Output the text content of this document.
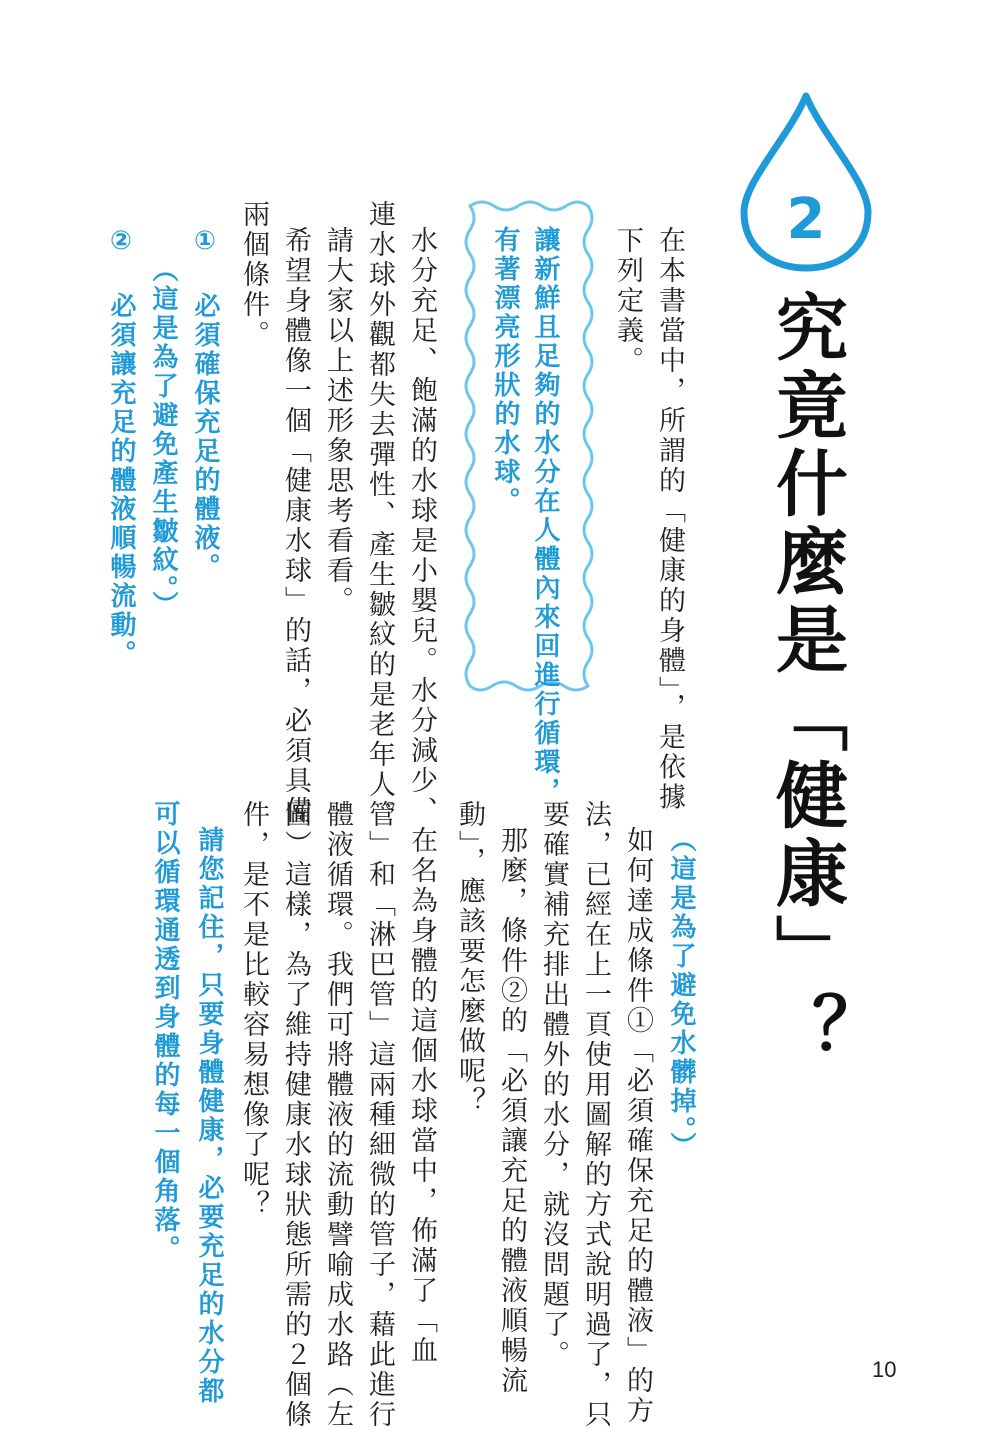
2
究竟什麼是「健康」？
在本書當中，所謂的「健康的身體」，是依據
下列定義。
讓新鮮且足夠的水分在人體內來回進行循環，
有著漂亮形狀的水球。
水分充足、飽滿的水球是小嬰兒。水分減少、
連水球外觀都失去彈性、產生皺紋的是老年人。
請大家以上述形象思考看看。
希望身體像一個「健康水球」的話，必須具備
兩個條件。
① 必須確保充足的體液。
（這是為了避免產生皺紋。）
② 必須讓充足的體液順暢流動。
（這是為了避免水髒掉。）
如何達成條件①「必須確保充足的體液」的方
法，已經在上一頁使用圖解的方式說明過了，只
要確實補充排出體外的水分，就沒問題了。
那麼，條件②的「必須讓充足的體液順暢流
動」，應該要怎麼做呢？
在名為身體的這個水球當中，佈滿了「血
管」和「淋巴管」這兩種細微的管子，藉此進行
體液循環。我們可將體液的流動譬喻成水路（左
圖）這樣，為了維持健康水球狀態所需的２個條
件，是不是比較容易想像了呢？
請您記住，只要身體健康，必要充足的水分都
可以循環通透到身體的每一個角落。
10
